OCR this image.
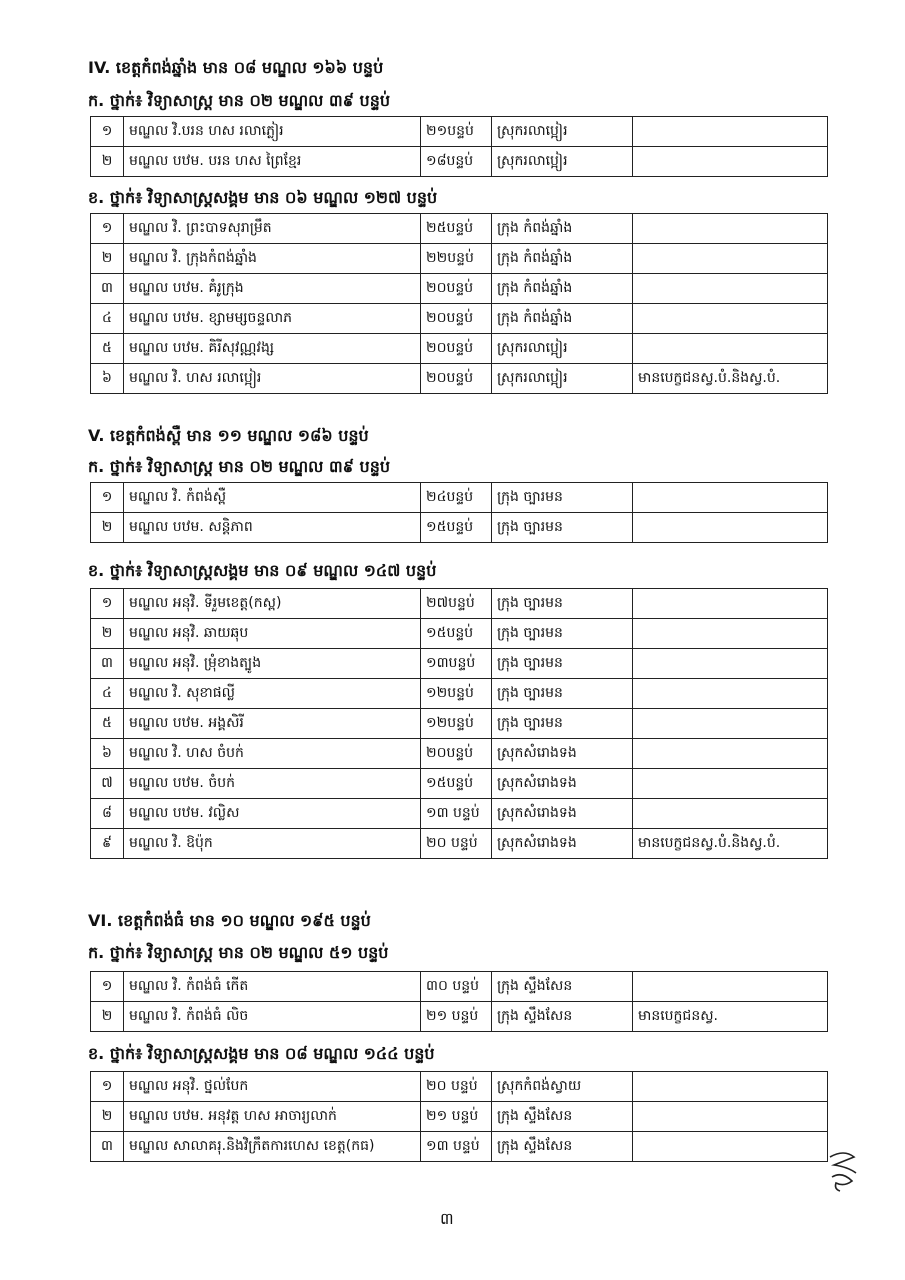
IV. ខេត្តកំពង់ឆ្នាំង មាន ០៨ មណ្ឌល ១៦៦ បន្ទប់
ក. ថ្នាក់៖ វិទ្យាសាស្ត្រ មាន ០២ មណ្ឌល ៣៩ បន្ទប់
១	មណ្ឌល វិ.បរន ហស រលាភ្លៀរ	២១បន្ទប់	ស្រុករលាប្អៀរ	
២	មណ្ឌល បឋម. បរន ហស ព្រៃខ្មែរ	១៨បន្ទប់	ស្រុករលាប្អៀរ	
ខ. ថ្នាក់៖ វិទ្យាសាស្ត្រសង្គម មាន ០៦ មណ្ឌល ១២៧ បន្ទប់
១	មណ្ឌល វិ. ព្រះបាទសុរាម្រឹត	២៥បន្ទប់	ក្រុង កំពង់ឆ្នាំង	
២	មណ្ឌល វិ. ក្រុងកំពង់ឆ្នាំង	២២បន្ទប់	ក្រុង កំពង់ឆ្នាំង	
៣	មណ្ឌល បឋម. គំរូក្រុង	២០បន្ទប់	ក្រុង កំពង់ឆ្នាំង	
៤	មណ្ឌល បឋម. ខ្សាមម្សចន្ទលាភ	២០បន្ទប់	ក្រុង កំពង់ឆ្នាំង	
៥	មណ្ឌល បឋម. គិរីសុវណ្ណវង្ស	២០បន្ទប់	ស្រុករលាប្អៀរ	
៦	មណ្ឌល វិ. ហស រលាប្អៀរ	២០បន្ទប់	ស្រុករលាប្អៀរ	មានបេក្ខជនស្វ.បំ.និងស្វ.បំ.
V. ខេត្តកំពង់ស្ពឺ មាន ១១ មណ្ឌល ១៨៦ បន្ទប់
ក. ថ្នាក់៖ វិទ្យាសាស្ត្រ មាន ០២ មណ្ឌល ៣៩ បន្ទប់
១	មណ្ឌល វិ. កំពង់ស្ពឺ	២៤បន្ទប់	ក្រុង ច្បារមន	
២	មណ្ឌល បឋម. សន្តិភាព	១៥បន្ទប់	ក្រុង ច្បារមន	
ខ. ថ្នាក់៖ វិទ្យាសាស្ត្រសង្គម មាន ០៩ មណ្ឌល ១៤៧ បន្ទប់
១	មណ្ឌល អនុវិ. ទីរួមខេត្ត(កស្ព)	២៧បន្ទប់	ក្រុង ច្បារមន	
២	មណ្ឌល អនុវិ. ឆាយឆុប	១៥បន្ទប់	ក្រុង ច្បារមន	
៣	មណ្ឌល អនុវិ. ម្រុំខាងត្បូង	១៣បន្ទប់	ក្រុង ច្បារមន	
៤	មណ្ឌល វិ. សុខាផល្លី	១២បន្ទប់	ក្រុង ច្បារមន	
៥	មណ្ឌល បឋម. អង្គសិរី	១២បន្ទប់	ក្រុង ច្បារមន	
៦	មណ្ឌល វិ. ហស ចំបក់	២០បន្ទប់	ស្រុកសំរោងទង	
៧	មណ្ឌល បឋម. ចំបក់	១៥បន្ទប់	ស្រុកសំរោងទង	
៨	មណ្ឌល បឋម. វល្លិស	១៣ បន្ទប់	ស្រុកសំរោងទង	
៩	មណ្ឌល វិ. ឱប៉ុក	២០ បន្ទប់	ស្រុកសំរោងទង	មានបេក្ខជនស្វ.បំ.និងស្វ.បំ.
VI. ខេត្តកំពង់ធំ មាន ១០ មណ្ឌល ១៩៥ បន្ទប់
ក. ថ្នាក់៖ វិទ្យាសាស្ត្រ មាន ០២ មណ្ឌល ៥១ បន្ទប់
១	មណ្ឌល វិ. កំពង់ធំ កើត	៣០ បន្ទប់	ក្រុង ស្ទឹងសែន	
២	មណ្ឌល វិ. កំពង់ធំ លិច	២១ បន្ទប់	ក្រុង ស្ទឹងសែន	មានបេក្ខជនស្វ.
ខ. ថ្នាក់៖ វិទ្យាសាស្ត្រសង្គម មាន ០៨ មណ្ឌល ១៤៤ បន្ទប់
១	មណ្ឌល អនុវិ. ថ្នល់បែក	២០ បន្ទប់	ស្រុកកំពង់ស្វាយ	
២	មណ្ឌល បឋម. អនុវត្ត ហស អាចារ្យលាក់	២១ បន្ទប់	ក្រុង ស្ទឹងសែន	
៣	មណ្ឌល សាលាគរុ.និងវិក្រឹតការហេស ខេត្ត(កធ)	១៣ បន្ទប់	ក្រុង ស្ទឹងសែន	
៣
